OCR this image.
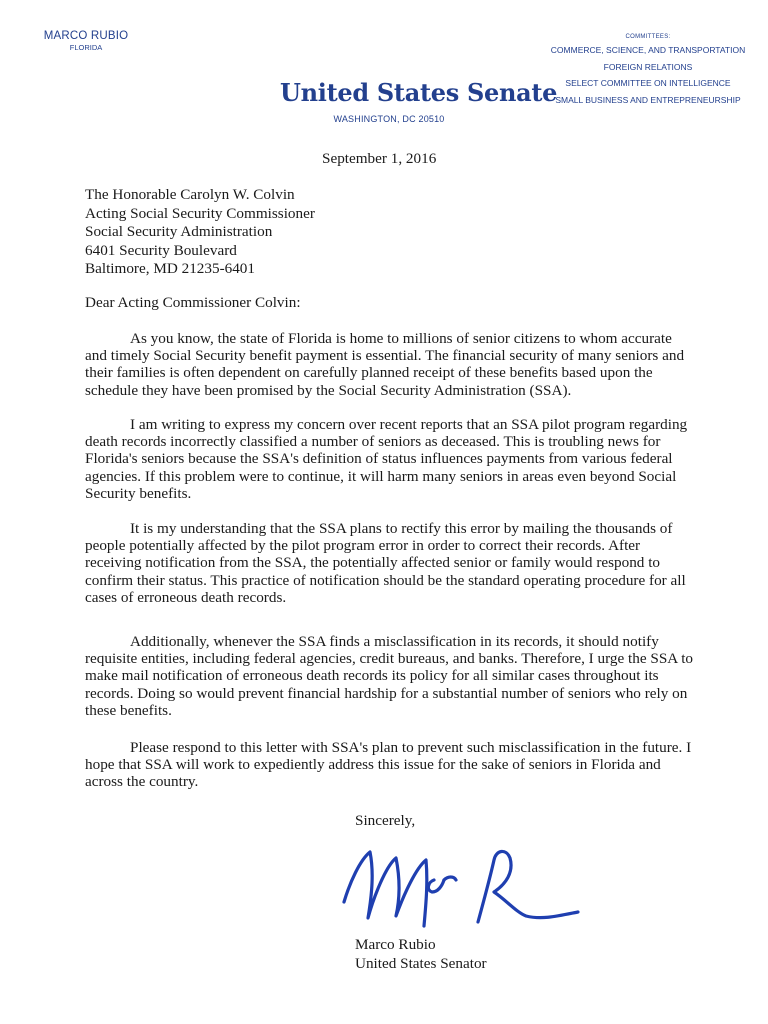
MARCO RUBIO
FLORIDA
United States Senate
WASHINGTON, DC 20510
COMMITTEES:
COMMERCE, SCIENCE, AND TRANSPORTATION
FOREIGN RELATIONS
SELECT COMMITTEE ON INTELLIGENCE
SMALL BUSINESS AND ENTREPRENEURSHIP
September 1, 2016
The Honorable Carolyn W. Colvin
Acting Social Security Commissioner
Social Security Administration
6401 Security Boulevard
Baltimore, MD 21235-6401
Dear Acting Commissioner Colvin:

As you know, the state of Florida is home to millions of senior citizens to whom accurate and timely Social Security benefit payment is essential. The financial security of many seniors and their families is often dependent on carefully planned receipt of these benefits based upon the schedule they have been promised by the Social Security Administration (SSA).

I am writing to express my concern over recent reports that an SSA pilot program regarding death records incorrectly classified a number of seniors as deceased. This is troubling news for Florida's seniors because the SSA's definition of status influences payments from various federal agencies. If this problem were to continue, it will harm many seniors in areas even beyond Social Security benefits.

It is my understanding that the SSA plans to rectify this error by mailing the thousands of people potentially affected by the pilot program error in order to correct their records. After receiving notification from the SSA, the potentially affected senior or family would respond to confirm their status. This practice of notification should be the standard operating procedure for all cases of erroneous death records.

Additionally, whenever the SSA finds a misclassification in its records, it should notify requisite entities, including federal agencies, credit bureaus, and banks. Therefore, I urge the SSA to make mail notification of erroneous death records its policy for all similar cases throughout its records. Doing so would prevent financial hardship for a substantial number of seniors who rely on these benefits.

Please respond to this letter with SSA's plan to prevent such misclassification in the future. I hope that SSA will work to expediently address this issue for the sake of seniors in Florida and across the country.

Sincerely,
Marco Rubio
United States Senator
